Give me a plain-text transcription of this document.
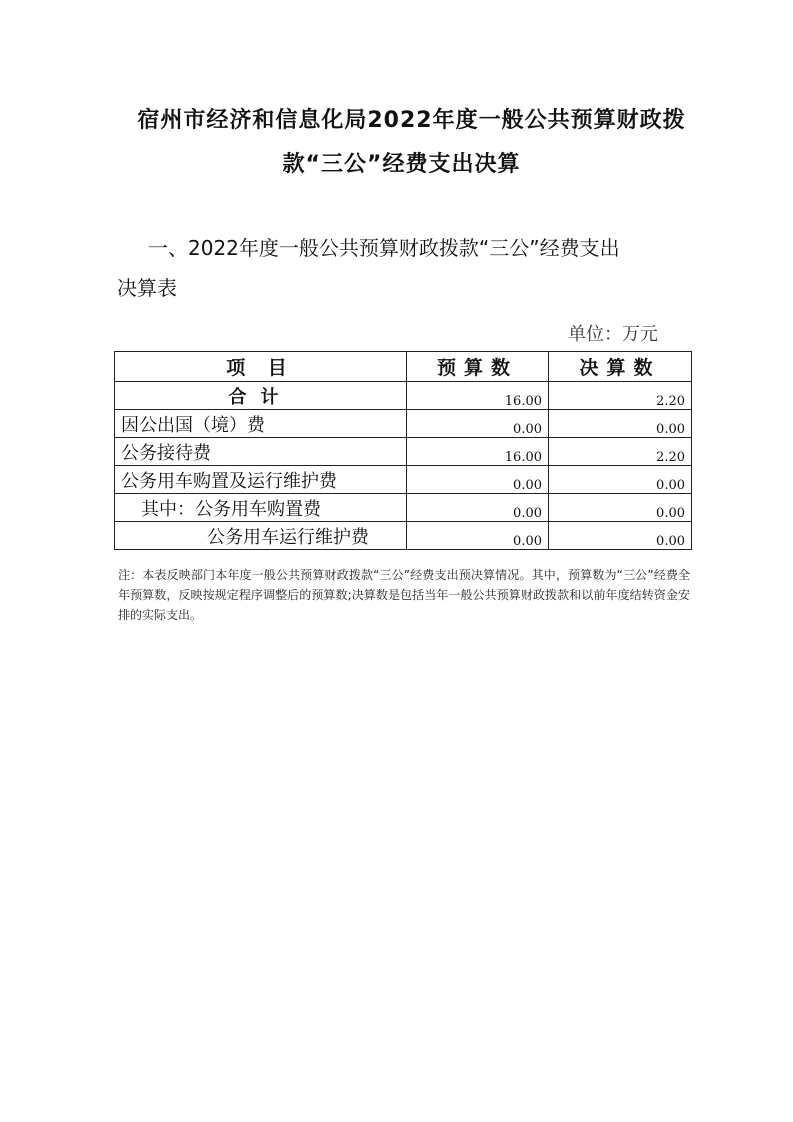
宿州市经济和信息化局2022年度一般公共预算财政拨
款“三公”经费支出决算
一、2022年度一般公共预算财政拨款“三公”经费支出
决算表
单位：万元
项 目	预算数	决算数
合计	16.00	2.20
因公出国（境）费	0.00	0.00
公务接待费	16.00	2.20
公务用车购置及运行维护费	0.00	0.00
其中：公务用车购置费	0.00	0.00
公务用车运行维护费	0.00	0.00
注：本表反映部门本年度一般公共预算财政拨款“三公”经费支出预决算情况。其中，预算数为“三公”经费全年预算数，反映按规定程序调整后的预算数;决算数是包括当年一般公共预算财政拨款和以前年度结转资金安排的实际支出。
